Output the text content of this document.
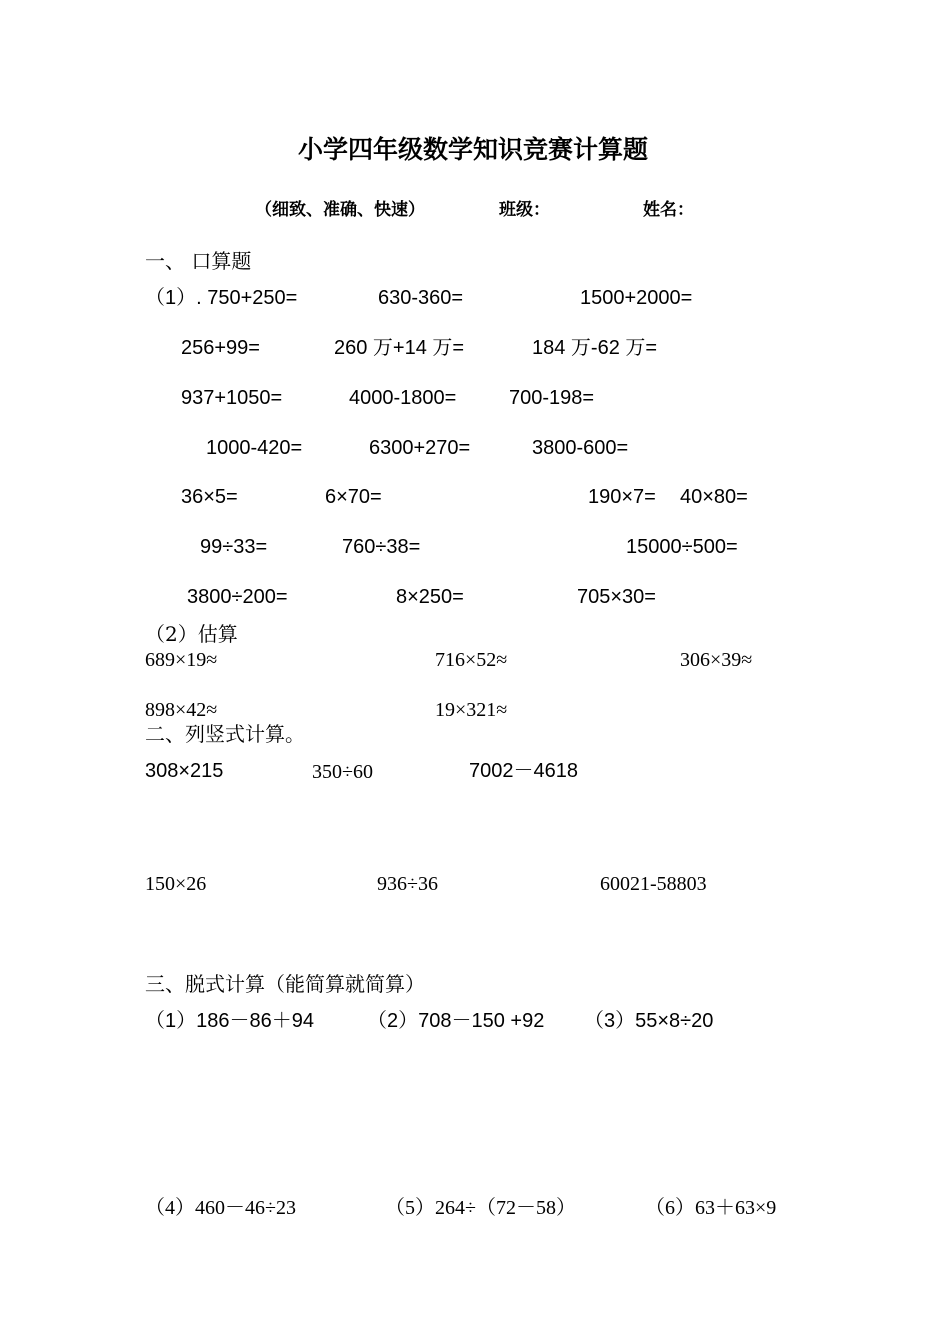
小学四年级数学知识竞赛计算题
（细致、准确、快速）	班级：	姓名：
一、 口算题
（1）. 750+250=	630-360=	1500+2000=
256+99=	260 万+14 万=	184 万-62 万=
937+1050=	4000-1800=	700-198=
1000-420=	6300+270=	3800-600=
36×5=	6×70=	190×7= 40×80=
99÷33=	760÷38=	15000÷500=
3800÷200=	8×250=	705×30=
（2）估算
689×19≈	716×52≈	306×39≈
898×42≈	19×321≈
二、列竖式计算。
308×215	350÷60	7002－4618
150×26	936÷36	60021-58803
三、脱式计算（能简算就简算）
（1）186－86＋94	（2）708－150 +92 （3）55×8÷20
（4）460－46÷23	（5）264÷（72－58）	（6）63＋63×9
